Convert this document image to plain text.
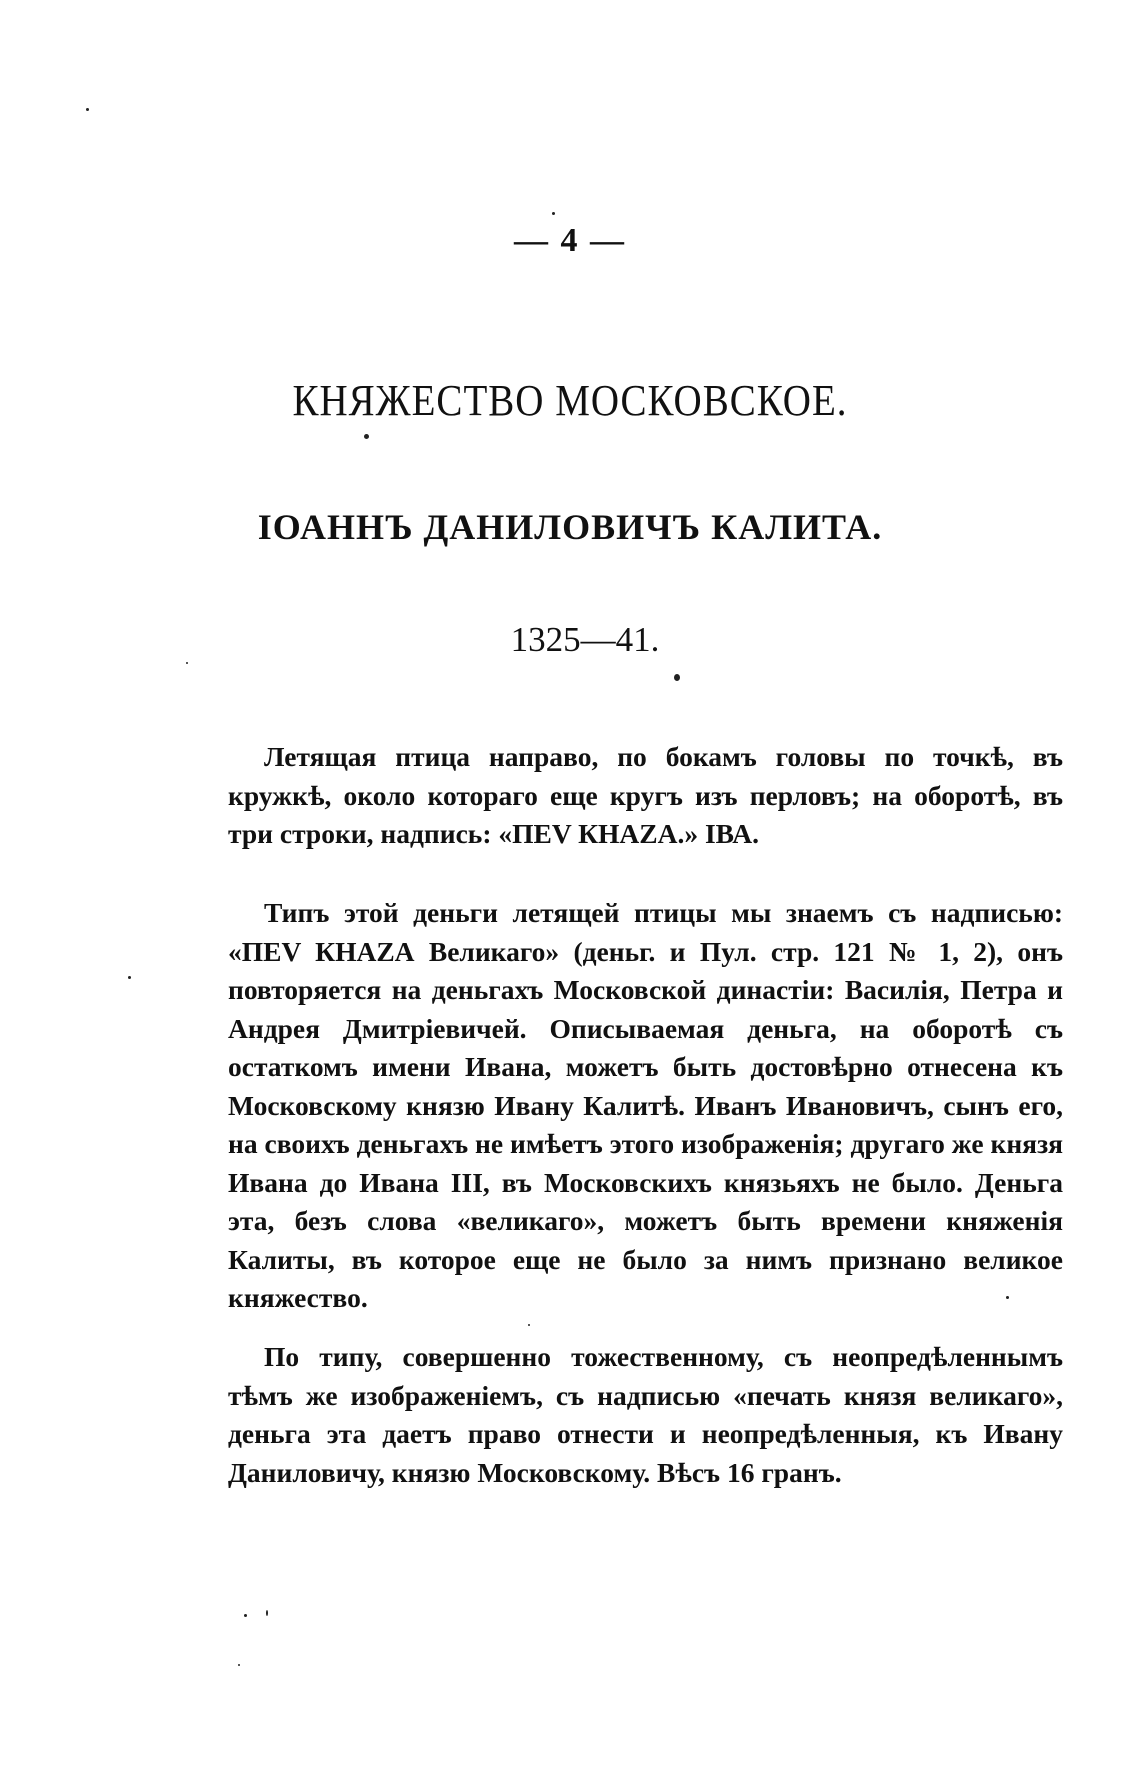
— 4 —
КНЯЖЕСТВО МОСКОВСКОЕ.
IОАННЪ ДАНИЛОВИЧЪ КАЛИТА.
1325—41.

Летящая птица направо, по бокамъ головы по точкѣ, въ кружкѣ, около котораго еще кругъ изъ перловъ; на оборотѣ, въ три строки, надпись: «ПЕV КНАZА.» IВА.

Типъ этой деньги летящей птицы мы знаемъ съ надписью: «ПЕV КНАZА Великаго» (деньг. и Пул. стр. 121 № 1, 2), онъ повторяется на деньгахъ Московской династiи: Василiя, Петра и Андрея Дмитрiевичей. Описываемая деньга, на оборотѣ съ остаткомъ имени Ивана, можетъ быть достовѣрно отнесена къ Московскому князю Ивану Калитѣ. Иванъ Ивановичъ, сынъ его, на своихъ деньгахъ не имѣетъ этого изображенiя; другаго же князя Ивана до Ивана III, въ Московскихъ князьяхъ не было. Деньга эта, безъ слова «великаго», можетъ быть времени княженiя Калиты, въ которое еще не было за нимъ признано великое княжество.

По типу, совершенно тожественному, съ неопредѣленнымъ тѣмъ же изображенiемъ, съ надписью «печать князя великаго», деньга эта даетъ право отнести и неопредѣленныя, къ Ивану Даниловичу, князю Московскому. Вѣсъ 16 гранъ.
